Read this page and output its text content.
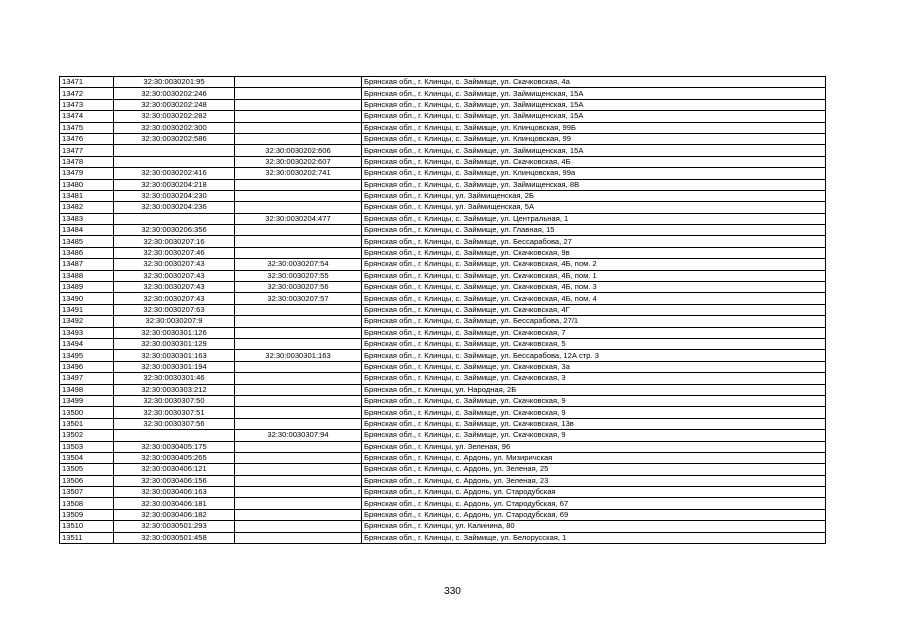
13471	32:30:0030201:95		Брянская обл., г. Клинцы, с. Займище, ул. Скачковская, 4а
13472	32:30:0030202:246		Брянская обл., г. Клинцы, с. Займище, ул. Займищенская, 15А
13473	32:30:0030202:248		Брянская обл., г. Клинцы, с. Займище, ул. Займищенская, 15А
13474	32:30:0030202:282		Брянская обл., г. Клинцы, с. Займище, ул. Займищенская, 15А
13475	32:30:0030202:300		Брянская обл., г. Клинцы, с. Займище, ул. Клинцовская, 99Б
13476	32:30:0030202:586		Брянская обл., г. Клинцы, с. Займище, ул. Клинцовская, 99
13477		32:30:0030202:606	Брянская обл., г. Клинцы, с. Займище, ул. Займищенская, 15А
13478		32:30:0030202:607	Брянская обл., г. Клинцы, с. Займище, ул. Скачковская, 4Б
13479	32:30:0030202:416	32:30:0030202:741	Брянская обл., г. Клинцы, с. Займище, ул. Клинцовская, 99а
13480	32:30:0030204:218		Брянская обл., г. Клинцы, с. Займище, ул. Займищенская, 8В
13481	32:30:0030204:230		Брянская обл., г. Клинцы, ул. Займищенская, 2Б
13482	32:30:0030204:236		Брянская обл., г. Клинцы, ул. Займищенская, 5А
13483		32:30:0030204:477	Брянская обл., г. Клинцы, с. Займище, ул. Центральная, 1
13484	32:30:0030206:356		Брянская обл., г. Клинцы, с. Займище, ул. Главная, 15
13485	32:30:0030207:16		Брянская обл., г. Клинцы, с. Займище, ул. Бессарабова, 27
13486	32:30:0030207:46		Брянская обл., г. Клинцы, с. Займище, ул. Скачковская, 9в
13487	32:30:0030207:43	32:30:0030207:54	Брянская обл., г. Клинцы, с. Займище, ул. Скачковская, 4Б, пом. 2
13488	32:30:0030207:43	32:30:0030207:55	Брянская обл., г. Клинцы, с. Займище, ул. Скачковская, 4Б, пом. 1
13489	32:30:0030207:43	32:30:0030207:56	Брянская обл., г. Клинцы, с. Займище, ул. Скачковская, 4Б, пом. 3
13490	32:30:0030207:43	32:30:0030207:57	Брянская обл., г. Клинцы, с. Займище, ул. Скачковская, 4Б, пом. 4
13491	32:30:0030207:63		Брянская обл., г. Клинцы, с. Займище, ул. Скачковская, 4Г
13492	32:30:0030207:9		Брянская обл., г. Клинцы, с. Займище, ул. Бессарабова, 27/1
13493	32:30:0030301:126		Брянская обл., г. Клинцы, с. Займище, ул. Скачковская, 7
13494	32:30:0030301:129		Брянская обл., г. Клинцы, с. Займище, ул. Скачковская, 5
13495	32:30:0030301:163	32:30:0030301:163	Брянская обл., г. Клинцы, с. Займище, ул. Бессарабова, 12А стр. 3
13496	32:30:0030301:194		Брянская обл., г. Клинцы, с. Займище, ул. Скачковская, 3а
13497	32:30:0030301:46		Брянская обл., г. Клинцы, с. Займище, ул. Скачковская, 3
13498	32:30:0030303:212		Брянская обл., г. Клинцы, ул. Народная, 2Б
13499	32:30:0030307:50		Брянская обл., г. Клинцы, с. Займище, ул. Скачковская, 9
13500	32:30:0030307:51		Брянская обл., г. Клинцы, с. Займище, ул. Скачковская, 9
13501	32:30:0030307:56		Брянская обл., г. Клинцы, с. Займище, ул. Скачковская, 13в
13502		32:30:0030307:94	Брянская обл., г. Клинцы, с. Займище, ул. Скачковская, 9
13503	32:30:0030405:175		Брянская обл., г. Клинцы, ул. Зеленая, 96
13504	32:30:0030405:265		Брянская обл., г. Клинцы, с. Ардонь, ул. Мизиричская
13505	32:30:0030406:121		Брянская обл., г. Клинцы, с. Ардонь, ул. Зеленая, 25
13506	32:30:0030406:156		Брянская обл., г. Клинцы, с. Ардонь, ул. Зеленая, 23
13507	32:30:0030406:163		Брянская обл., г. Клинцы, с. Ардонь, ул. Стародубская
13508	32:30:0030406:181		Брянская обл., г. Клинцы, с. Ардонь, ул. Стародубская, 67
13509	32:30:0030406:182		Брянская обл., г. Клинцы, с. Ардонь, ул. Стародубская, 69
13510	32:30:0030501:293		Брянская обл., г. Клинцы, ул. Калинина, 80
13511	32:30:0030501:458		Брянская обл., г. Клинцы, с. Займище, ул. Белорусская, 1
330
